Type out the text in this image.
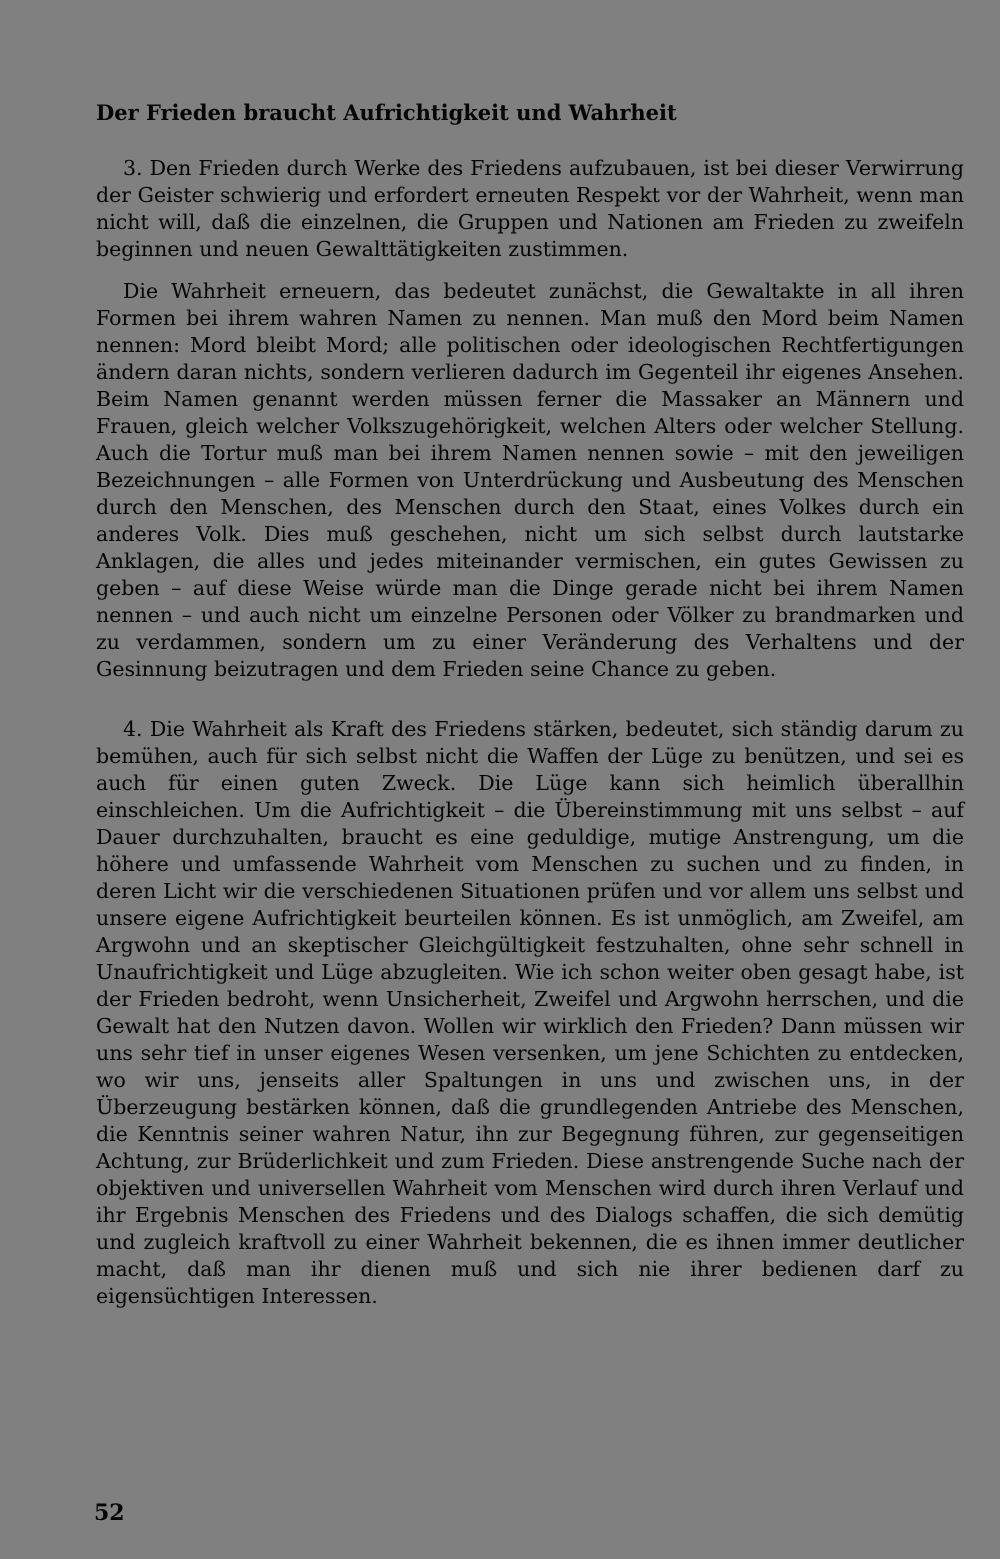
Der Frieden braucht Aufrichtigkeit und Wahrheit

3. Den Frieden durch Werke des Friedens aufzubauen, ist bei dieser Verwirrung der Geister schwierig und erfordert erneuten Respekt vor der Wahrheit, wenn man nicht will, daß die einzelnen, die Gruppen und Nationen am Frieden zu zweifeln beginnen und neuen Gewalttätigkeiten zustimmen.

Die Wahrheit erneuern, das bedeutet zunächst, die Gewaltakte in all ihren Formen bei ihrem wahren Namen zu nennen. Man muß den Mord beim Namen nennen: Mord bleibt Mord; alle politischen oder ideologischen Rechtfertigungen ändern daran nichts, sondern verlieren dadurch im Gegenteil ihr eigenes Ansehen. Beim Namen genannt werden müssen ferner die Massaker an Männern und Frauen, gleich welcher Volkszugehörigkeit, welchen Alters oder welcher Stellung. Auch die Tortur muß man bei ihrem Namen nennen sowie – mit den jeweiligen Bezeichnungen – alle Formen von Unterdrückung und Ausbeutung des Menschen durch den Menschen, des Menschen durch den Staat, eines Volkes durch ein anderes Volk. Dies muß geschehen, nicht um sich selbst durch lautstarke Anklagen, die alles und jedes miteinander vermischen, ein gutes Gewissen zu geben – auf diese Weise würde man die Dinge gerade nicht bei ihrem Namen nennen – und auch nicht um einzelne Personen oder Völker zu brandmarken und zu verdammen, sondern um zu einer Veränderung des Verhaltens und der Gesinnung beizutragen und dem Frieden seine Chance zu geben.

4. Die Wahrheit als Kraft des Friedens stärken, bedeutet, sich ständig darum zu bemühen, auch für sich selbst nicht die Waffen der Lüge zu benützen, und sei es auch für einen guten Zweck. Die Lüge kann sich heimlich überallhin einschleichen. Um die Aufrichtigkeit – die Übereinstimmung mit uns selbst – auf Dauer durchzuhalten, braucht es eine geduldige, mutige Anstrengung, um die höhere und umfassende Wahrheit vom Menschen zu suchen und zu finden, in deren Licht wir die verschiedenen Situationen prüfen und vor allem uns selbst und unsere eigene Aufrichtigkeit beurteilen können. Es ist unmöglich, am Zweifel, am Argwohn und an skeptischer Gleichgültigkeit festzuhalten, ohne sehr schnell in Unaufrichtigkeit und Lüge abzugleiten. Wie ich schon weiter oben gesagt habe, ist der Frieden bedroht, wenn Unsicherheit, Zweifel und Argwohn herrschen, und die Gewalt hat den Nutzen davon. Wollen wir wirklich den Frieden? Dann müssen wir uns sehr tief in unser eigenes Wesen versenken, um jene Schichten zu entdecken, wo wir uns, jenseits aller Spaltungen in uns und zwischen uns, in der Überzeugung bestärken können, daß die grundlegenden Antriebe des Menschen, die Kenntnis seiner wahren Natur, ihn zur Begegnung führen, zur gegenseitigen Achtung, zur Brüderlichkeit und zum Frieden. Diese anstrengende Suche nach der objektiven und universellen Wahrheit vom Menschen wird durch ihren Verlauf und ihr Ergebnis Menschen des Friedens und des Dialogs schaffen, die sich demütig und zugleich kraftvoll zu einer Wahrheit bekennen, die es ihnen immer deutlicher macht, daß man ihr dienen muß und sich nie ihrer bedienen darf zu eigensüchtigen Interessen.

52
